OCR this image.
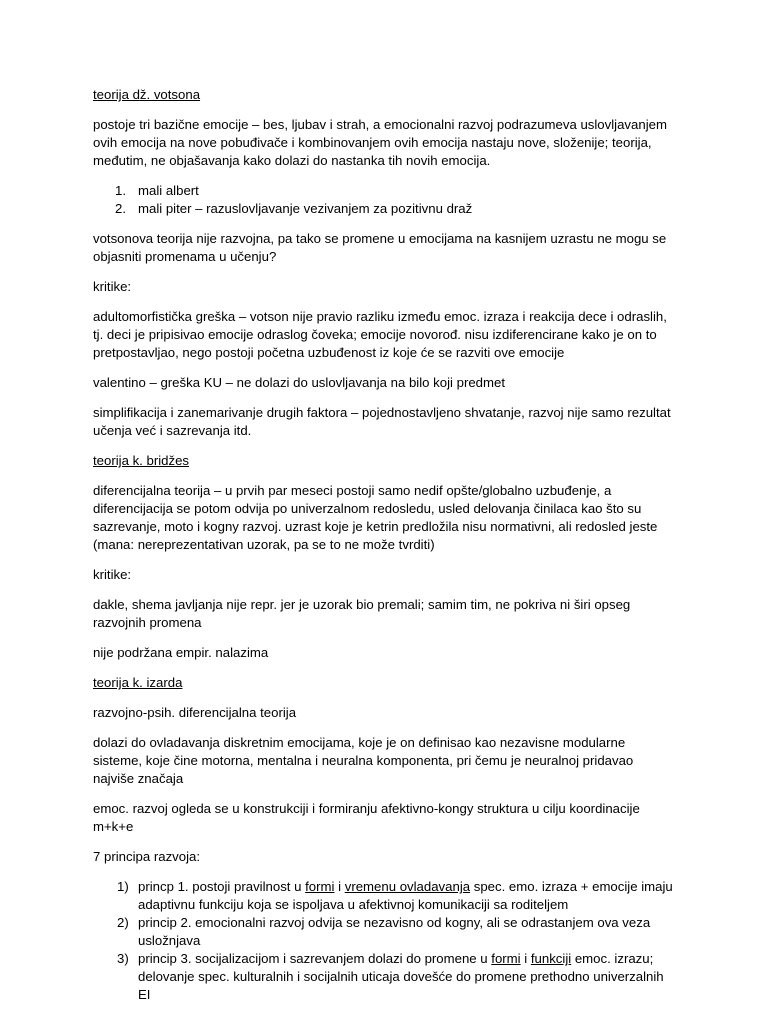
teorija dž. votsona
postoje tri bazične emocije – bes, ljubav i strah, a emocionalni razvoj podrazumeva uslovljavanjem ovih emocija na nove pobuđivače i kombinovanjem ovih emocija nastaju nove, složenije; teorija, međutim, ne objašavanja kako dolazi do nastanka tih novih emocija.
1. mali albert
2. mali piter – razuslovljavanje vezivanjem za pozitivnu draž
votsonova teorija nije razvojna, pa tako se promene u emocijama na kasnijem uzrastu ne mogu se objasniti promenama u učenju?
kritike:
adultomorfistička greška – votson nije pravio razliku između emoc. izraza i reakcija dece i odraslih, tj. deci je pripisivao emocije odraslog čoveka; emocije novorođ. nisu izdiferencirane kako je on to pretpostavljao, nego postoji početna uzbuđenost iz koje će se razviti ove emocije
valentino – greška KU – ne dolazi do uslovljavanja na bilo koji predmet
simplifikacija i zanemarivanje drugih faktora – pojednostavljeno shvatanje, razvoj nije samo rezultat učenja već i sazrevanja itd.
teorija k. bridžes
diferencijalna teorija – u prvih par meseci postoji samo nedif opšte/globalno uzbuđenje, a diferencijacija se potom odvija po univerzalnom redosledu, usled delovanja činilaca kao što su sazrevanje, moto i kogny razvoj. uzrast koje je ketrin predložila nisu normativni, ali redosled jeste (mana: nereprezentativan uzorak, pa se to ne može tvrditi)
kritike:
dakle, shema javljanja nije repr. jer je uzorak bio premali; samim tim, ne pokriva ni širi opseg razvojnih promena
nije podržana empir. nalazima
teorija k. izarda
razvojno-psih. diferencijalna teorija
dolazi do ovladavanja diskretnim emocijama, koje je on definisao kao nezavisne modularne sisteme, koje čine motorna, mentalna i neuralna komponenta, pri čemu je neuralnoj pridavao najviše značaja
emoc. razvoj ogleda se u konstrukciji i formiranju afektivno-kongy struktura u cilju koordinacije m+k+e
7 principa razvoja:
1) princp 1. postoji pravilnost u formi i vremenu ovladavanja spec. emo. izraza + emocije imaju adaptivnu funkciju koja se ispoljava u afektivnoj komunikaciji sa roditeljem
2) princip 2. emocionalni razvoj odvija se nezavisno od kogny, ali se odrastanjem ova veza usložnjava
3) princip 3. socijalizacijom i sazrevanjem dolazi do promene u formi i funkciji emoc. izrazu; delovanje spec. kulturalnih i socijalnih uticaja dovešće do promene prethodno univerzalnih EI
